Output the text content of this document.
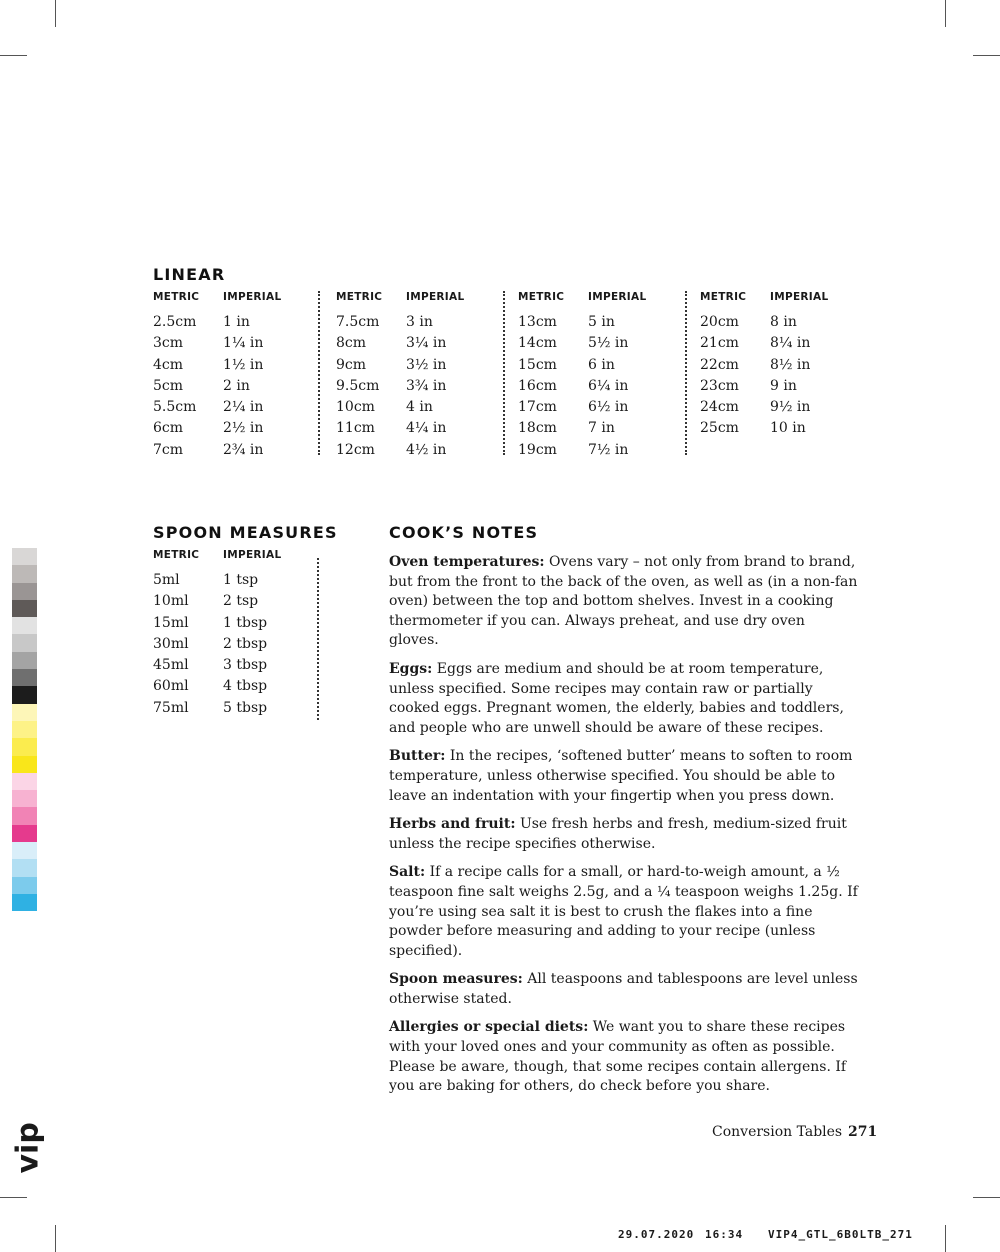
LINEAR
METRIC	IMPERIAL
2.5cm	1 in
3cm	1¼ in
4cm	1½ in
5cm	2 in
5.5cm	2¼ in
6cm	2½ in
7cm	2¾ in
METRIC	IMPERIAL
7.5cm	3 in
8cm	3¼ in
9cm	3½ in
9.5cm	3¾ in
10cm	4 in
11cm	4¼ in
12cm	4½ in
METRIC	IMPERIAL
13cm	5 in
14cm	5½ in
15cm	6 in
16cm	6¼ in
17cm	6½ in
18cm	7 in
19cm	7½ in
METRIC	IMPERIAL
20cm	8 in
21cm	8¼ in
22cm	8½ in
23cm	9 in
24cm	9½ in
25cm	10 in
SPOON MEASURES
METRIC	IMPERIAL
5ml	1 tsp
10ml	2 tsp
15ml	1 tbsp
30ml	2 tbsp
45ml	3 tbsp
60ml	4 tbsp
75ml	5 tbsp
COOK’S NOTES

Oven temperatures: Ovens vary – not only from brand to brand, but from the front to the back of the oven, as well as (in a non-fan oven) between the top and bottom shelves. Invest in a cooking thermometer if you can. Always preheat, and use dry oven gloves.

Eggs: Eggs are medium and should be at room temperature, unless specified. Some recipes may contain raw or partially cooked eggs. Pregnant women, the elderly, babies and toddlers, and people who are unwell should be aware of these recipes.

Butter: In the recipes, ‘softened butter’ means to soften to room temperature, unless otherwise specified. You should be able to leave an indentation with your fingertip when you press down.

Herbs and fruit: Use fresh herbs and fresh, medium-sized fruit unless the recipe specifies otherwise.

Salt: If a recipe calls for a small, or hard-to-weigh amount, a ½ teaspoon fine salt weighs 2.5g, and a ¼ teaspoon weighs 1.25g. If you’re using sea salt it is best to crush the flakes into a fine powder before measuring and adding to your recipe (unless specified).

Spoon measures: All teaspoons and tablespoons are level unless otherwise stated.

Allergies or special diets: We want you to share these recipes with your loved ones and your community as often as possible. Please be aware, though, that some recipes contain allergens. If you are baking for others, do check before you share.

Conversion Tables 271
29.07.2020 16:34 VIP4_GTL_6B0LTB_271
vip
